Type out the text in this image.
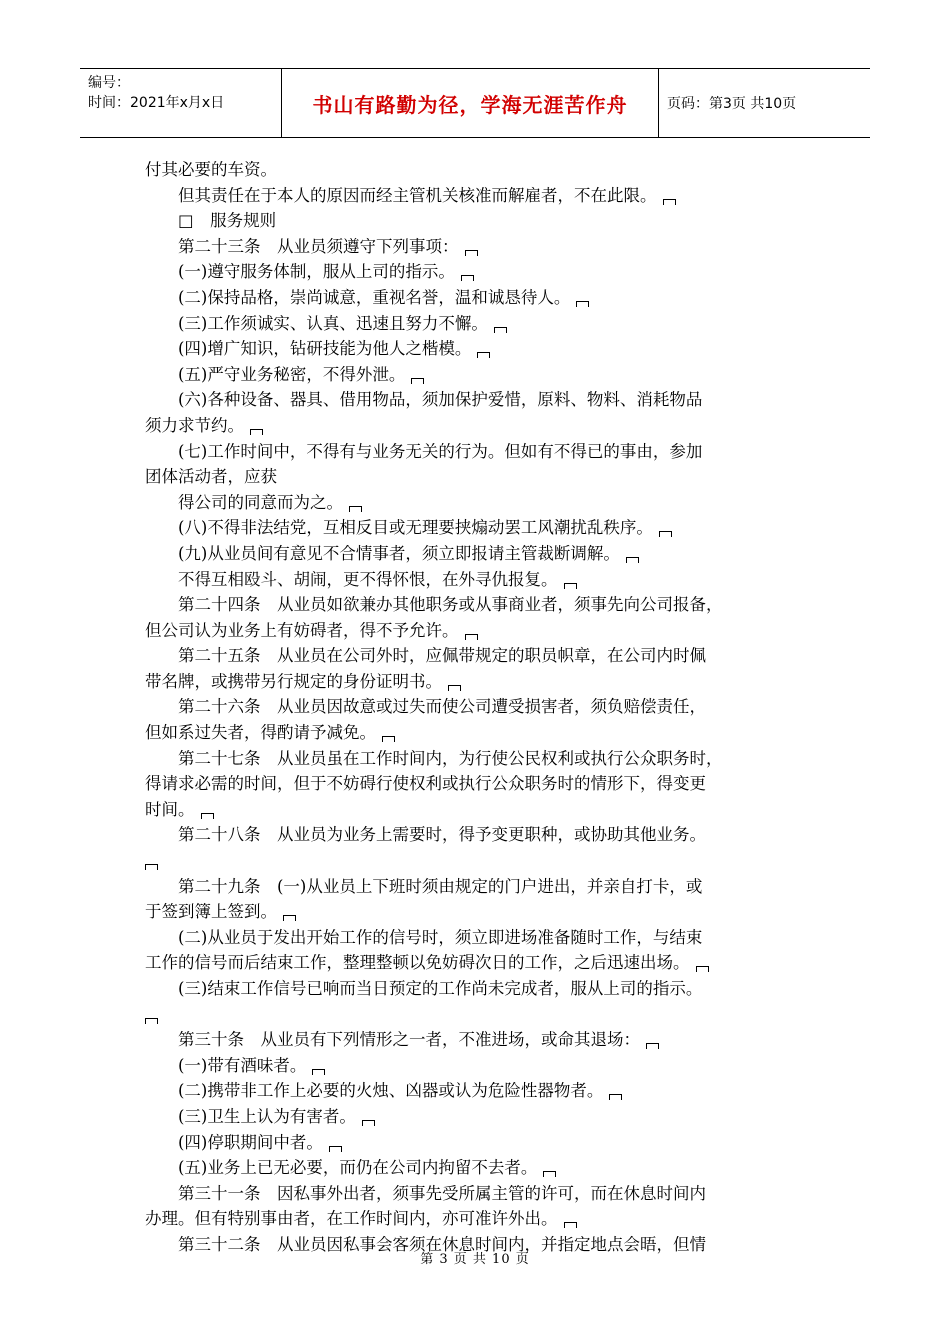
编号：
时间：2021年x月x日	书山有路勤为径，学海无涯苦作舟	页码：第3页 共10页

付其必要的车资。

但其责任在于本人的原因而经主管机关核准而解雇者，不在此限。

□　服务规则

第二十三条　从业员须遵守下列事项：

(一)遵守服务体制，服从上司的指示。

(二)保持品格，崇尚诚意，重视名誉，温和诚恳待人。

(三)工作须诚实、认真、迅速且努力不懈。

(四)增广知识，钻研技能为他人之楷模。

(五)严守业务秘密，不得外泄。

(六)各种设备、器具、借用物品，须加保护爱惜，原料、物料、消耗物品

须力求节约。

(七)工作时间中，不得有与业务无关的行为。但如有不得已的事由，参加

团体活动者，应获

得公司的同意而为之。

(八)不得非法结党，互相反目或无理要挟煽动罢工风潮扰乱秩序。

(九)从业员间有意见不合情事者，须立即报请主管裁断调解。

不得互相殴斗、胡闹，更不得怀恨，在外寻仇报复。

第二十四条　从业员如欲兼办其他职务或从事商业者，须事先向公司报备，

但公司认为业务上有妨碍者，得不予允许。

第二十五条　从业员在公司外时，应佩带规定的职员帜章，在公司内时佩

带名牌，或携带另行规定的身份证明书。

第二十六条　从业员因故意或过失而使公司遭受损害者，须负赔偿责任，

但如系过失者，得酌请予减免。

第二十七条　从业员虽在工作时间内，为行使公民权利或执行公众职务时，

得请求必需的时间，但于不妨碍行使权利或执行公众职务时的情形下，得变更

时间。

第二十八条　从业员为业务上需要时，得予变更职种，或协助其他业务。

第二十九条　(一)从业员上下班时须由规定的门户进出，并亲自打卡，或

于签到簿上签到。

(二)从业员于发出开始工作的信号时，须立即进场准备随时工作，与结束

工作的信号而后结束工作，整理整顿以免妨碍次日的工作，之后迅速出场。

(三)结束工作信号已响而当日预定的工作尚未完成者，服从上司的指示。

第三十条　从业员有下列情形之一者，不准进场，或命其退场：

(一)带有酒味者。

(二)携带非工作上必要的火烛、凶器或认为危险性器物者。

(三)卫生上认为有害者。

(四)停职期间中者。

(五)业务上已无必要，而仍在公司内拘留不去者。

第三十一条　因私事外出者，须事先受所属主管的许可，而在休息时间内

办理。但有特别事由者，在工作时间内，亦可准许外出。

第三十二条　从业员因私事会客须在休息时间内，并指定地点会晤，但情

第 3 页 共 10 页
